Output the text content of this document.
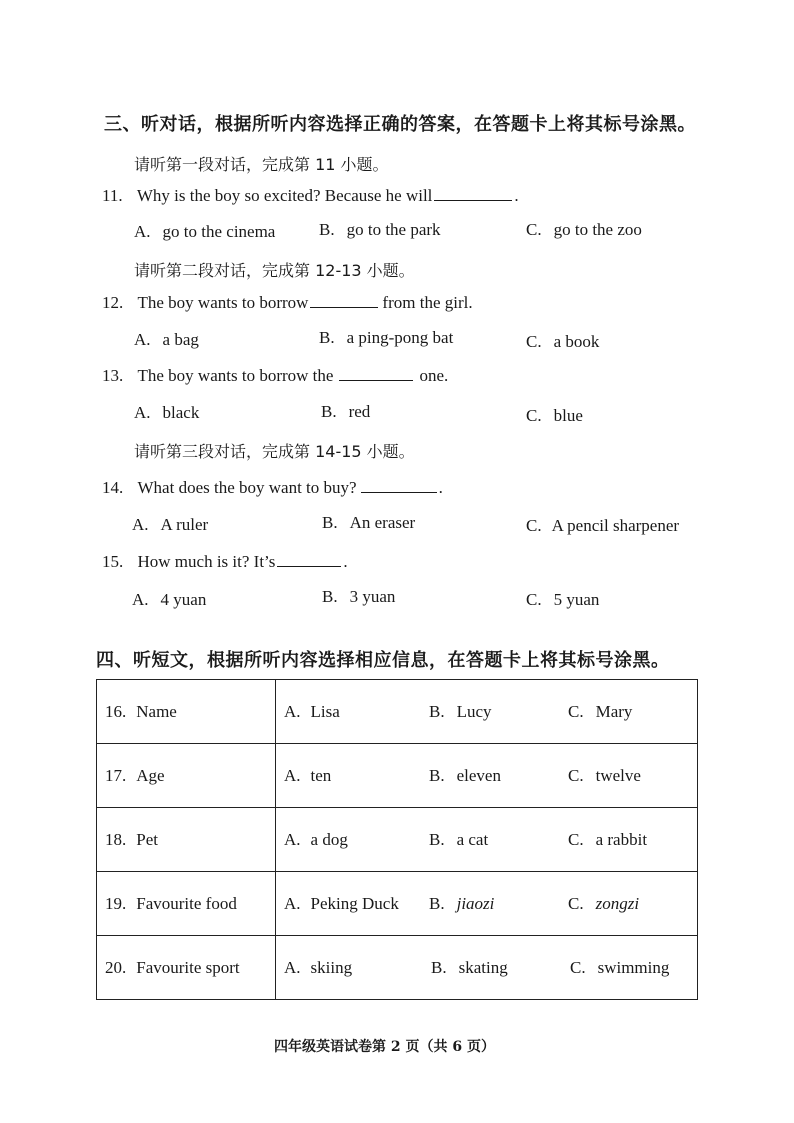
三、听对话，根据所听内容选择正确的答案，在答题卡上将其标号涂黑。
请听第一段对话，完成第 11 小题。
11. Why is the boy so excited? Because he will	.
A. go to the cinema	B. go to the park	C. go to the zoo
请听第二段对话，完成第 12-13 小题。
12. The boy wants to borrow	from the girl.
A. a bag	B. a ping-pong bat	C. a book
13. The boy wants to borrow the	one.
A. black	B. red	C. blue
请听第三段对话，完成第 14-15 小题。
14. What does the boy want to buy?	.
A. A ruler	B. An eraser	C. A pencil sharpener
15. How much is it? It’s	.
A. 4 yuan	B. 3 yuan	C. 5 yuan
四、听短文，根据所听内容选择相应信息，在答题卡上将其标号涂黑。
16. Name	A. Lisa B. Lucy C. Mary

17. Age	A. ten B. eleven C. twelve

18. Pet	A. a dog B. a cat C. a rabbit

19. Favourite food	A. Peking Duck B. jiaozi C. zongzi

20. Favourite sport	A. skiing B. skating C. swimming
四年级英语试卷第 2 页（共 6 页）
